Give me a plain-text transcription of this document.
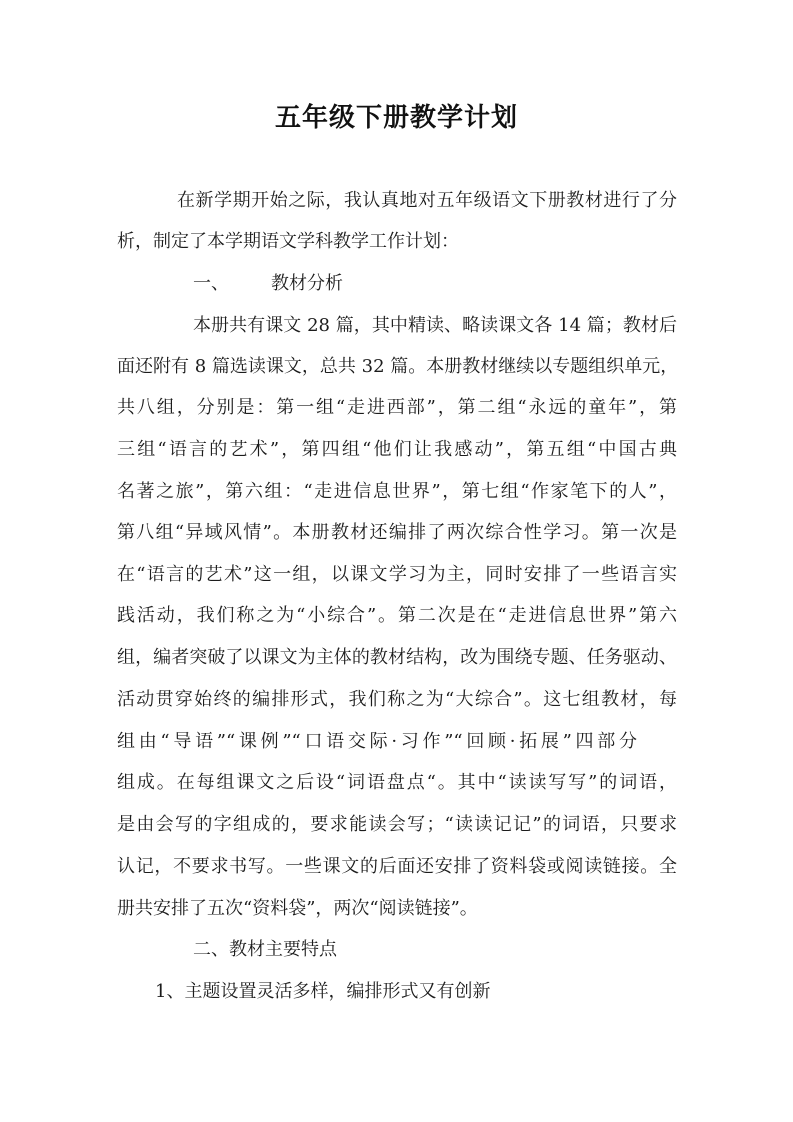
五年级下册教学计划
在新学期开始之际，我认真地对五年级语文下册教材进行了分
析，制定了本学期语文学科教学工作计划：
一、	教材分析
本册共有课文 28 篇，其中精读、略读课文各 14 篇；教材后
面还附有 8 篇选读课文，总共 32 篇。本册教材继续以专题组织单元，
共八组，分别是：第一组“走进西部”，第二组“永远的童年”，第
三组“语言的艺术”，第四组“他们让我感动”，第五组“中国古典
名著之旅”，第六组：“走进信息世界”，第七组“作家笔下的人”，
第八组“异域风情”。本册教材还编排了两次综合性学习。第一次是
在“语言的艺术”这一组，以课文学习为主，同时安排了一些语言实
践活动，我们称之为“小综合”。第二次是在“走进信息世界”第六
组，编者突破了以课文为主体的教材结构，改为围绕专题、任务驱动、
活动贯穿始终的编排形式，我们称之为“大综合”。这七组教材，每
组由“导语”“课例”“口语交际·习作”“回顾·拓展”四部分
组成。在每组课文之后设“词语盘点“。其中“读读写写”的词语，
是由会写的字组成的，要求能读会写；“读读记记”的词语，只要求
认记，不要求书写。一些课文的后面还安排了资料袋或阅读链接。全
册共安排了五次“资料袋”，两次“阅读链接”。
二、教材主要特点
1、主题设置灵活多样，编排形式又有创新
